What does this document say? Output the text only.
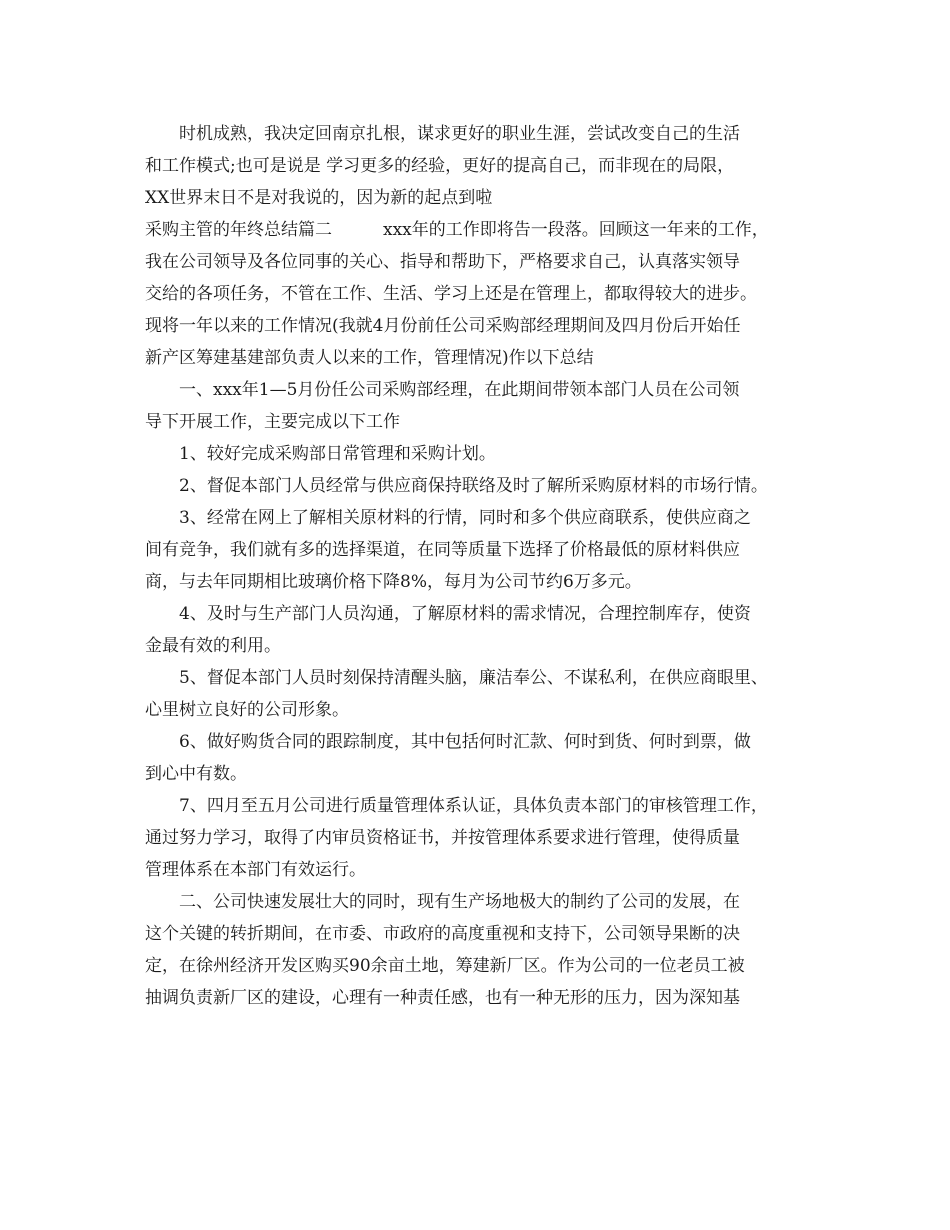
时机成熟，我决定回南京扎根，谋求更好的职业生涯，尝试改变自己的生活
和工作模式;也可是说是 学习更多的经验，更好的提高自己，而非现在的局限，
XX世界末日不是对我说的，因为新的起点到啦
采购主管的年终总结篇二　　　xxx年的工作即将告一段落。回顾这一年来的工作，
我在公司领导及各位同事的关心、指导和帮助下，严格要求自己，认真落实领导
交给的各项任务，不管在工作、生活、学习上还是在管理上，都取得较大的进步。
现将一年以来的工作情况(我就4月份前任公司采购部经理期间及四月份后开始任
新产区筹建基建部负责人以来的工作，管理情况)作以下总结
一、xxx年1—5月份任公司采购部经理，在此期间带领本部门人员在公司领
导下开展工作，主要完成以下工作
1、较好完成采购部日常管理和采购计划。
2、督促本部门人员经常与供应商保持联络及时了解所采购原材料的市场行情。
3、经常在网上了解相关原材料的行情，同时和多个供应商联系，使供应商之
间有竞争，我们就有多的选择渠道，在同等质量下选择了价格最低的原材料供应
商，与去年同期相比玻璃价格下降8%，每月为公司节约6万多元。
4、及时与生产部门人员沟通，了解原材料的需求情况，合理控制库存，使资
金最有效的利用。
5、督促本部门人员时刻保持清醒头脑，廉洁奉公、不谋私利，在供应商眼里、
心里树立良好的公司形象。
6、做好购货合同的跟踪制度，其中包括何时汇款、何时到货、何时到票，做
到心中有数。
7、四月至五月公司进行质量管理体系认证，具体负责本部门的审核管理工作，
通过努力学习，取得了内审员资格证书，并按管理体系要求进行管理，使得质量
管理体系在本部门有效运行。
二、公司快速发展壮大的同时，现有生产场地极大的制约了公司的发展，在
这个关键的转折期间，在市委、市政府的高度重视和支持下，公司领导果断的决
定，在徐州经济开发区购买90余亩土地，筹建新厂区。作为公司的一位老员工被
抽调负责新厂区的建设，心理有一种责任感，也有一种无形的压力，因为深知基
